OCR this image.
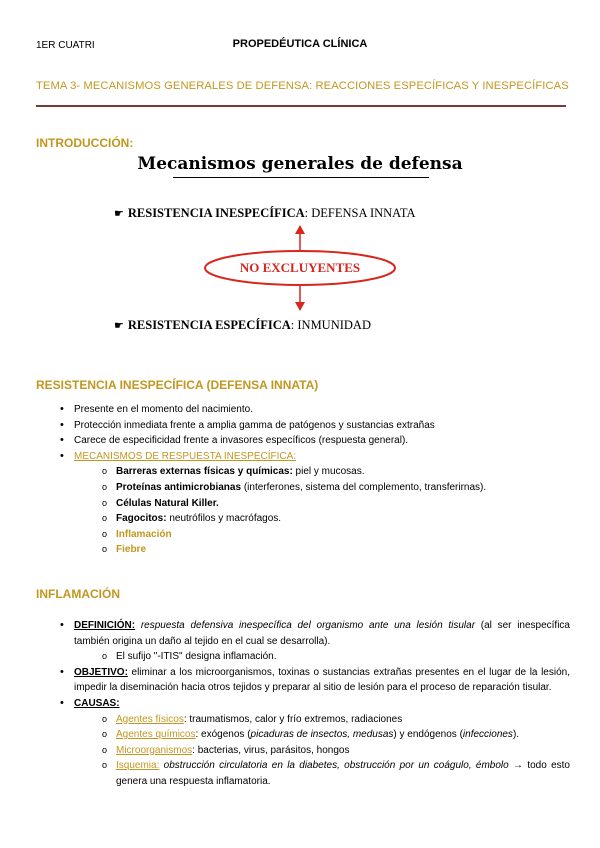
1ER CUATRI	PROPEDÉUTICA CLÍNICA
TEMA 3- MECANISMOS GENERALES DE DEFENSA: REACCIONES ESPECÍFICAS Y INESPECÍFICAS
INTRODUCCIÓN:
Mecanismos generales de defensa
☛ RESISTENCIA INESPECÍFICA: DEFENSA INNATA
NO EXCLUYENTES
☛ RESISTENCIA ESPECÍFICA: INMUNIDAD
RESISTENCIA INESPECÍFICA (DEFENSA INNATA)
• Presente en el momento del nacimiento.
• Protección inmediata frente a amplia gamma de patógenos y sustancias extrañas
• Carece de especificidad frente a invasores específicos (respuesta general).
• MECANISMOS DE RESPUESTA INESPECÍFICA:
o Barreras externas físicas y químicas: piel y mucosas.
o Proteínas antimicrobianas (interferones, sistema del complemento, transferirnas).
o Células Natural Killer.
o Fagocitos: neutrófilos y macrófagos.
o Inflamación
o Fiebre
INFLAMACIÓN
• DEFINICIÓN: respuesta defensiva inespecífica del organismo ante una lesión tisular (al ser inespecífica también origina un daño al tejido en el cual se desarrolla).
o El sufijo "-ITIS" designa inflamación.
• OBJETIVO: eliminar a los microorganismos, toxinas o sustancias extrañas presentes en el lugar de la lesión, impedir la diseminación hacia otros tejidos y preparar al sitio de lesión para el proceso de reparación tisular.
• CAUSAS:
o Agentes físicos: traumatismos, calor y frío extremos, radiaciones
o Agentes químicos: exógenos (picaduras de insectos, medusas) y endógenos (infecciones).
o Microorganismos: bacterias, virus, parásitos, hongos
o Isquemia: obstrucción circulatoria en la diabetes, obstrucción por un coágulo, émbolo → todo esto genera una respuesta inflamatoria.
